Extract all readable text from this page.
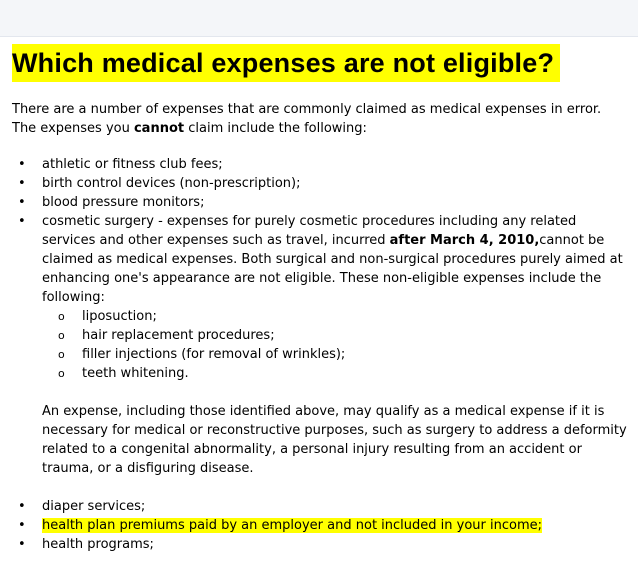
Which medical expenses are not eligible?

There are a number of expenses that are commonly claimed as medical expenses in error.
The expenses you cannot claim include the following:

• athletic or fitness club fees;
• birth control devices (non-prescription);
• blood pressure monitors;
• cosmetic surgery - expenses for purely cosmetic procedures including any related services and other expenses such as travel, incurred after March 4, 2010,cannot be claimed as medical expenses. Both surgical and non-surgical procedures purely aimed at enhancing one's appearance are not eligible. These non-eligible expenses include the following:
o liposuction;
o hair replacement procedures;
o filler injections (for removal of wrinkles);
o teeth whitening.
An expense, including those identified above, may qualify as a medical expense if it is necessary for medical or reconstructive purposes, such as surgery to address a deformity related to a congenital abnormality, a personal injury resulting from an accident or trauma, or a disfiguring disease.
• diaper services;
• health plan premiums paid by an employer and not included in your income;
• health programs;
